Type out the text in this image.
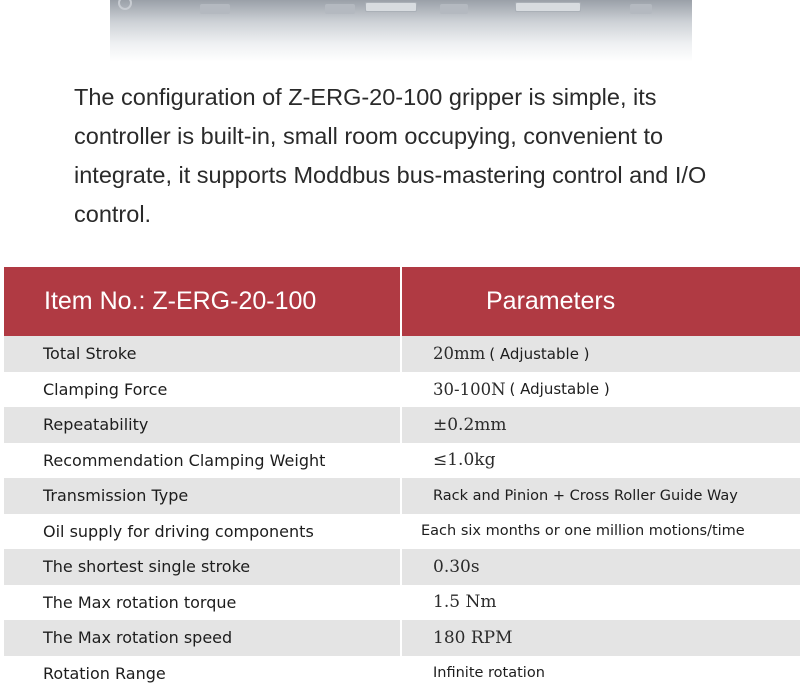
The configuration of Z-ERG-20-100 gripper is simple, its controller is built-in, small room occupying, convenient to integrate, it supports Moddbus bus-mastering control and I/O control.

Item No.: Z-ERG-20-100	Parameters
Total Stroke	20mm ( Adjustable )
Clamping Force	30-100N ( Adjustable )
Repeatability	±0.2mm
Recommendation Clamping Weight	≤1.0kg
Transmission Type	Rack and Pinion + Cross Roller Guide Way
Oil supply for driving components	Each six months or one million motions/time
The shortest single stroke	0.30s
The Max rotation torque	1.5 Nm
The Max rotation speed	180 RPM
Rotation Range	Infinite rotation
